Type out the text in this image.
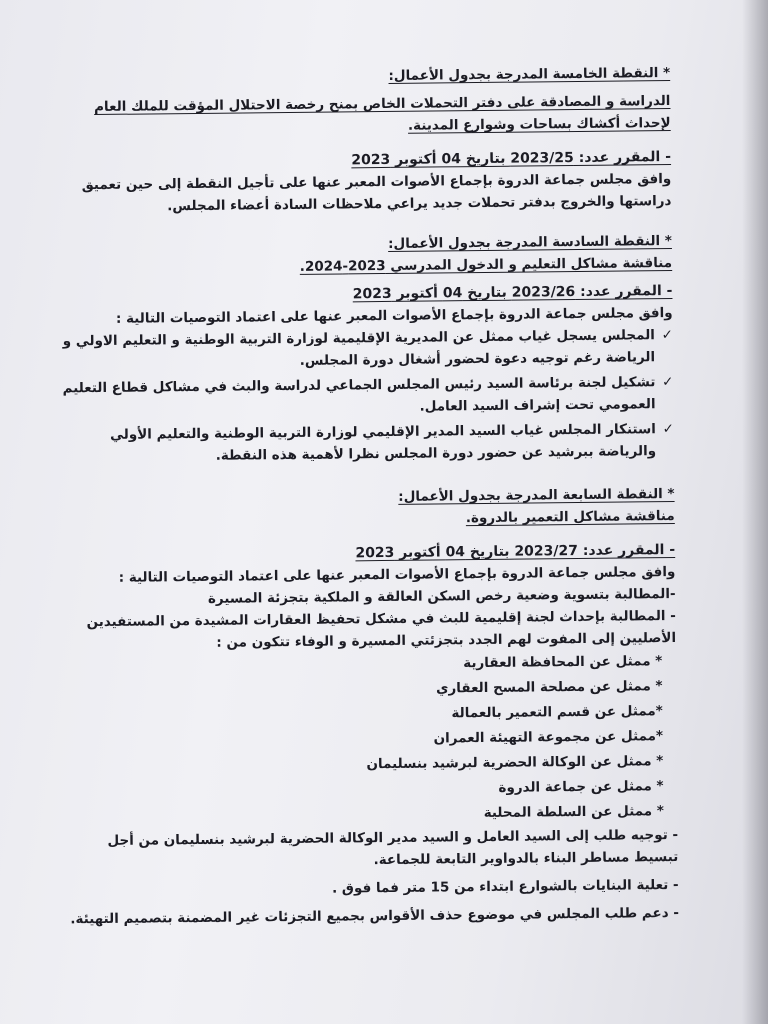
* النقطة الخامسة المدرجة بجدول الأعمال:

الدراسة و المصادقة على دفتر التحملات الخاص بمنح رخصة الاحتلال المؤقت للملك العام لإحداث أكشاك بساحات وشوارع المدينة.

- المقرر عدد: 2023/25 بتاريخ 04 أكتوبر 2023

وافق مجلس جماعة الدروة بإجماع الأصوات المعبر عنها على تأجيل النقطة إلى حين تعميق دراستها والخروج بدفتر تحملات جديد يراعي ملاحظات السادة أعضاء المجلس.

* النقطة السادسة المدرجة بجدول الأعمال:

مناقشة مشاكل التعليم و الدخول المدرسي 2023-2024.

- المقرر عدد: 2023/26 بتاريخ 04 أكتوبر 2023

وافق مجلس جماعة الدروة بإجماع الأصوات المعبر عنها على اعتماد التوصيات التالية :

✓
المجلس يسجل غياب ممثل عن المديرية الإقليمية لوزارة التربية الوطنية و التعليم الاولي و الرياضة رغم توجيه دعوة لحضور أشغال دورة المجلس.
✓
تشكيل لجنة برئاسة السيد رئيس المجلس الجماعي لدراسة والبث في مشاكل قطاع التعليم العمومي تحت إشراف السيد العامل.
✓
استنكار المجلس غياب السيد المدير الإقليمي لوزارة التربية الوطنية والتعليم الأولي والرياضة ببرشيد عن حضور دورة المجلس نظرا لأهمية هذه النقطة.

* النقطة السابعة المدرجة بجدول الأعمال:

مناقشة مشاكل التعمير بالدروة.

- المقرر عدد: 2023/27 بتاريخ 04 أكتوبر 2023

وافق مجلس جماعة الدروة بإجماع الأصوات المعبر عنها على اعتماد التوصيات التالية :

-المطالبة بتسوية وضعية رخص السكن العالقة و الملكية بتجزئة المسيرة

- المطالبة بإحداث لجنة إقليمية للبث في مشكل تحفيظ العقارات المشيدة من المستفيدين الأصليين إلى المفوت لهم الجدد بتجزئتي المسيرة و الوفاء تتكون من :

* ممثل عن المحافظة العقارية
* ممثل عن مصلحة المسح العقاري
*ممثل عن قسم التعمير بالعمالة
*ممثل عن مجموعة التهيئة العمران
* ممثل عن الوكالة الحضرية لبرشيد بنسليمان
* ممثل عن جماعة الدروة
* ممثل عن السلطة المحلية

- توجيه طلب إلى السيد العامل و السيد مدير الوكالة الحضرية لبرشيد بنسليمان من أجل تبسيط مساطر البناء بالدواوير التابعة للجماعة.

- تعلية البنايات بالشوارع ابتداء من 15 متر فما فوق .

- دعم طلب المجلس في موضوع حذف الأقواس بجميع التجزئات غير المضمنة بتصميم التهيئة.
